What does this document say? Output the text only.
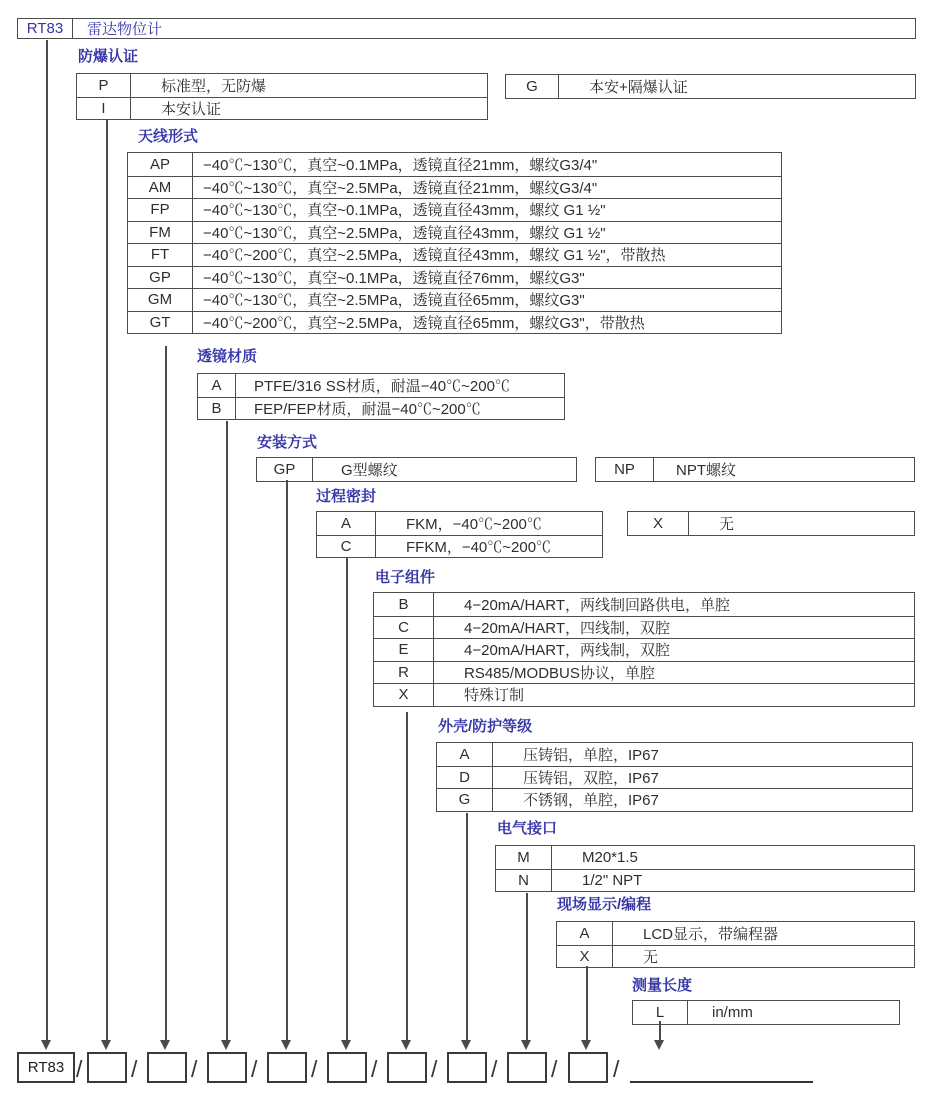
RT83	雷达物位计
防爆认证
天线形式
透镜材质
安装方式
过程密封
电子组件
外壳/防护等级
电气接口
现场显示/编程
测量长度
P	标准型，无防爆
I	本安认证
G	本安+隔爆认证
AP	−40℃~130℃，真空~0.1MPa，透镜直径21mm，螺纹G3/4"
AM	−40℃~130℃，真空~2.5MPa，透镜直径21mm，螺纹G3/4"
FP	−40℃~130℃，真空~0.1MPa，透镜直径43mm，螺纹 G1 ½"
FM	−40℃~130℃，真空~2.5MPa，透镜直径43mm，螺纹 G1 ½"
FT	−40℃~200℃，真空~2.5MPa，透镜直径43mm，螺纹 G1 ½"，带散热
GP	−40℃~130℃，真空~0.1MPa，透镜直径76mm，螺纹G3"
GM	−40℃~130℃，真空~2.5MPa，透镜直径65mm，螺纹G3"
GT	−40℃~200℃，真空~2.5MPa，透镜直径65mm，螺纹G3"，带散热
A	PTFE/316 SS材质，耐温−40℃~200℃
B	FEP/FEP材质，耐温−40℃~200℃
GP	G型螺纹	NP	NPT螺纹
A	FKM，−40℃~200℃
C	FFKM，−40℃~200℃
X	无
B	4−20mA/HART，两线制回路供电，单腔
C	4−20mA/HART，四线制，双腔
E	4−20mA/HART，两线制，双腔
R	RS485/MODBUS协议，单腔
X	特殊订制
A	压铸铝，单腔，IP67
D	压铸铝，双腔，IP67
G	不锈钢，单腔，IP67
M	M20*1.5
N	1/2" NPT
A	LCD显示，带编程器
X	无
L	in/mm
RT83 / / / / / / / / / /
